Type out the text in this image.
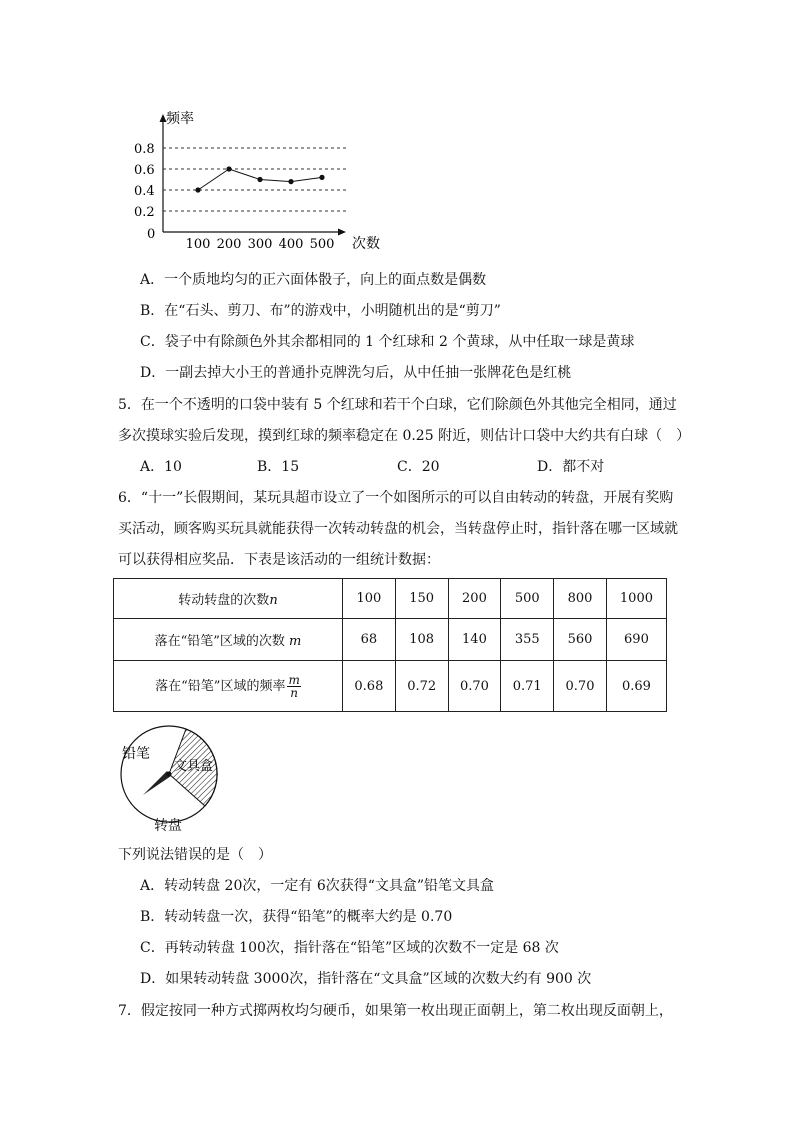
频率
次数
0
0.8
0.6
0.4
0.2
100 200 300 400 500
A．一个质地均匀的正六面体骰子，向上的面点数是偶数
B．在“石头、剪刀、布”的游戏中，小明随机出的是“剪刀”
C．袋子中有除颜色外其余都相同的 1 个红球和 2 个黄球，从中任取一球是黄球
D．一副去掉大小王的普通扑克牌洗匀后，从中任抽一张牌花色是红桃
5．在一个不透明的口袋中装有 5 个红球和若干个白球，它们除颜色外其他完全相同，通过
多次摸球实验后发现，摸到红球的频率稳定在 0.25 附近，则估计口袋中大约共有白球（　）
A．10	B．15	C．20	D．都不对
6．“十一”长假期间，某玩具超市设立了一个如图所示的可以自由转动的转盘，开展有奖购
买活动，顾客购买玩具就能获得一次转动转盘的机会，当转盘停止时，指针落在哪一区域就
可以获得相应奖品．下表是该活动的一组统计数据：
转动转盘的次数n	100	150	200	500	800	1000
落在“铅笔”区域的次数 m	68	108	140	355	560	690
落在“铅笔”区域的频率 $\frac{m}{n}$	0.68	0.72	0.70	0.71	0.70	0.69
铅笔
文具盒
转盘
下列说法错误的是（　）
A．转动转盘 20次，一定有 6次获得“文具盒”铅笔文具盒
B．转动转盘一次，获得“铅笔”的概率大约是 0.70
C．再转动转盘 100次，指针落在“铅笔”区域的次数不一定是 68 次
D．如果转动转盘 3000次，指针落在“文具盒”区域的次数大约有 900 次
7．假定按同一种方式掷两枚均匀硬币，如果第一枚出现正面朝上，第二枚出现反面朝上，
